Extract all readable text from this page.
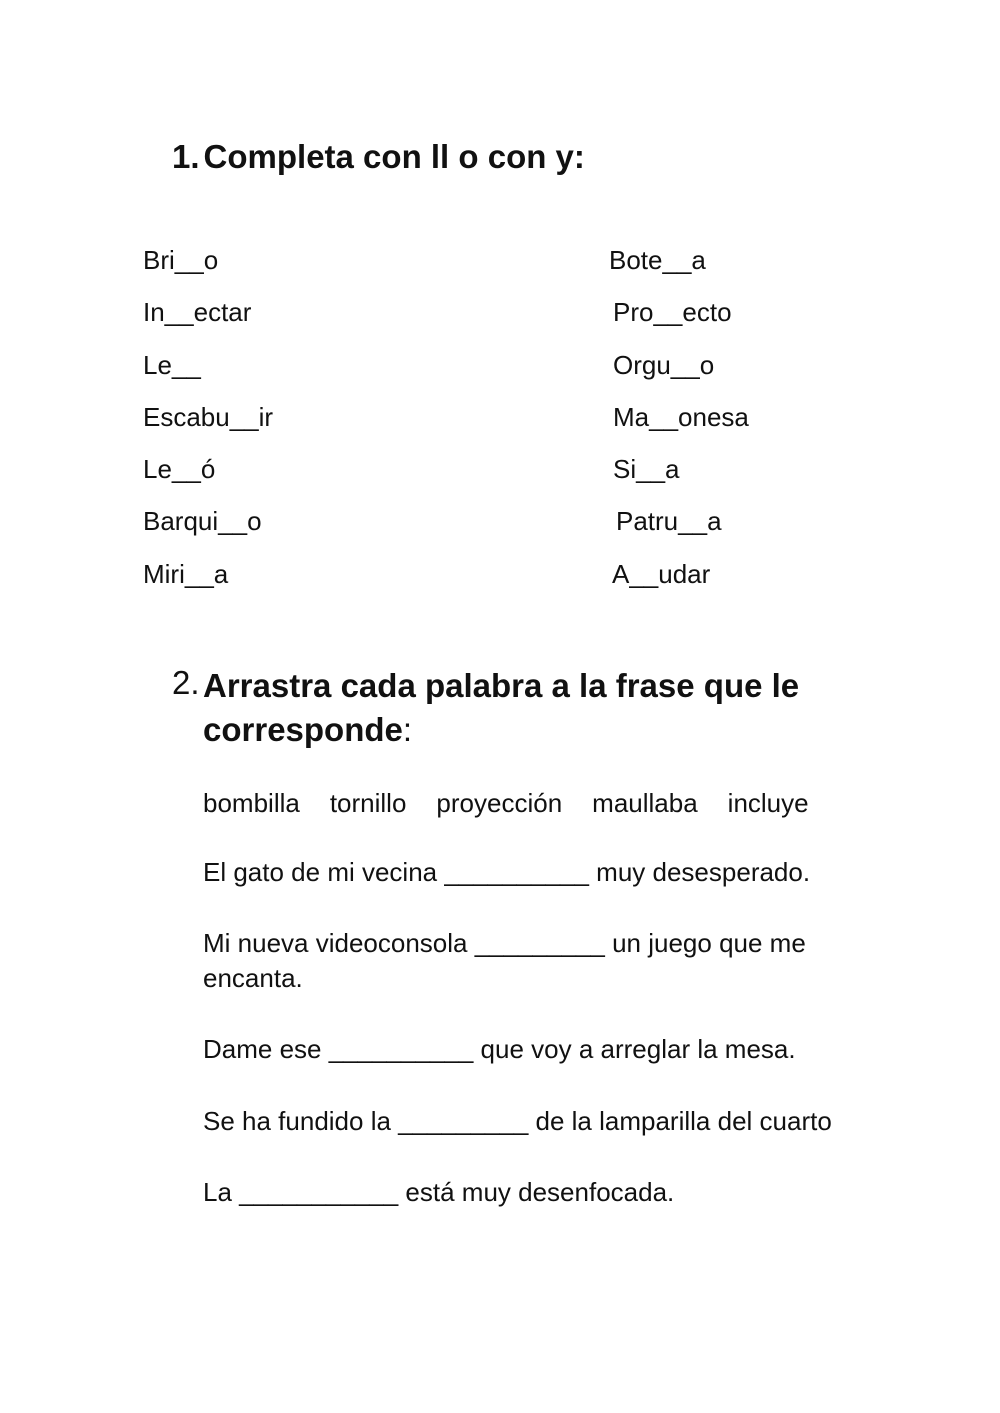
1. Completa con ll o con y:
Bri__o
In__ectar
Le__
Escabu__ir
Le__ó
Barqui__o
Miri__a
Bote__a
Pro__ecto
Orgu__o
Ma__onesa
Si__a
Patru__a
A__udar
2. Arrastra cada palabra a la frase que le corresponde:
bombilla tornillo proyección maullaba incluye
El gato de mi vecina __________ muy desesperado.
Mi nueva videoconsola _________ un juego que me encanta.
Dame ese __________ que voy a arreglar la mesa.
Se ha fundido la _________ de la lamparilla del cuarto
La ___________ está muy desenfocada.
